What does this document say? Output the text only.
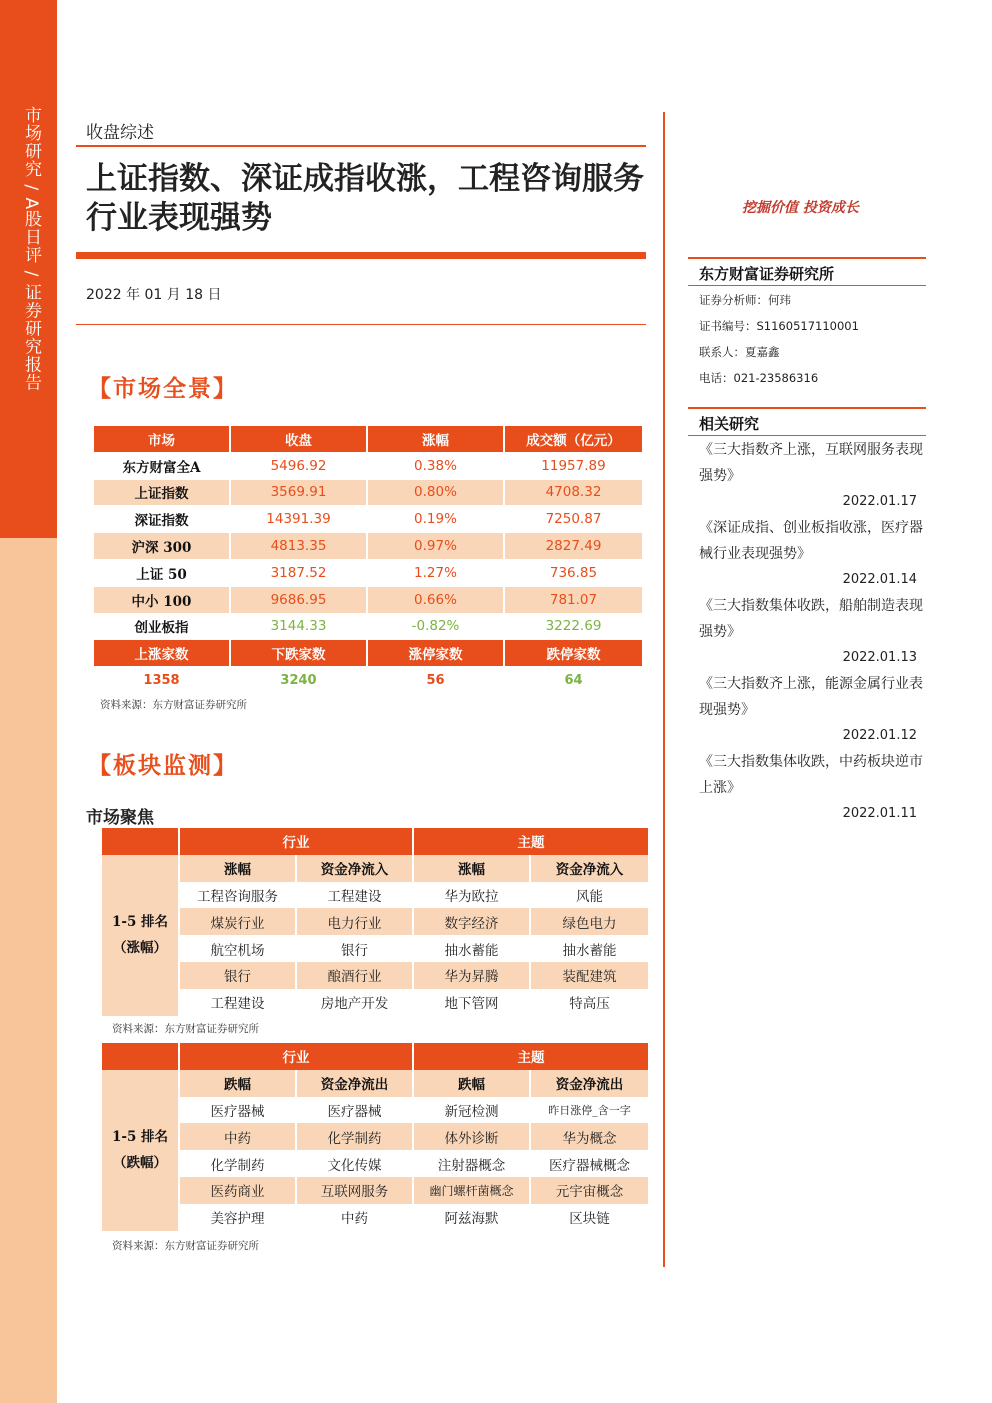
市场研究 / A股日评 / 证券研究报告	收盘综述
上证指数、深证成指收涨，工程咨询服务行业表现强势
2022 年 01 月 18 日
【市场全景】
市场	收盘	涨幅	成交额（亿元）
东方财富全A	5496.92	0.38%	11957.89
上证指数	3569.91	0.80%	4708.32
深证指数	14391.39	0.19%	7250.87
沪深 300	4813.35	0.97%	2827.49
上证 50	3187.52	1.27%	736.85
中小 100	9686.95	0.66%	781.07
创业板指	3144.33	-0.82%	3222.69
上涨家数	下跌家数	涨停家数	跌停家数
1358	3240	56	64
资料来源：东方财富证券研究所
【板块监测】
市场聚焦
	行业		主题	

1-5 排名
（涨幅）	涨幅	资金净流入	涨幅	资金净流入
	工程咨询服务	工程建设	华为欧拉	风能
	煤炭行业	电力行业	数字经济	绿色电力
	航空机场	银行	抽水蓄能	抽水蓄能
	银行	酿酒行业	华为昇腾	装配建筑
	工程建设	房地产开发	地下管网	特高压
资料来源：东方财富证券研究所
	行业		主题	

1-5 排名
（跌幅）	跌幅	资金净流出	跌幅	资金净流出
	医疗器械	医疗器械	新冠检测	昨日涨停_含一字
	中药	化学制药	体外诊断	华为概念
	化学制药	文化传媒	注射器概念	医疗器械概念
	医药商业	互联网服务	幽门螺杆菌概念	元宇宙概念
	美容护理	中药	阿兹海默	区块链
资料来源：东方财富证券研究所
挖掘价值 投资成长
东方财富证券研究所
证券分析师：何玮
证书编号：S1160517110001
联系人：夏嘉鑫
电话：021-23586316
相关研究
《三大指数齐上涨，互联网服务表现强势》
2022.01.17
《深证成指、创业板指收涨，医疗器械行业表现强势》
2022.01.14
《三大指数集体收跌，船舶制造表现强势》
2022.01.13
《三大指数齐上涨，能源金属行业表现强势》
2022.01.12
《三大指数集体收跌，中药板块逆市上涨》
2022.01.11
